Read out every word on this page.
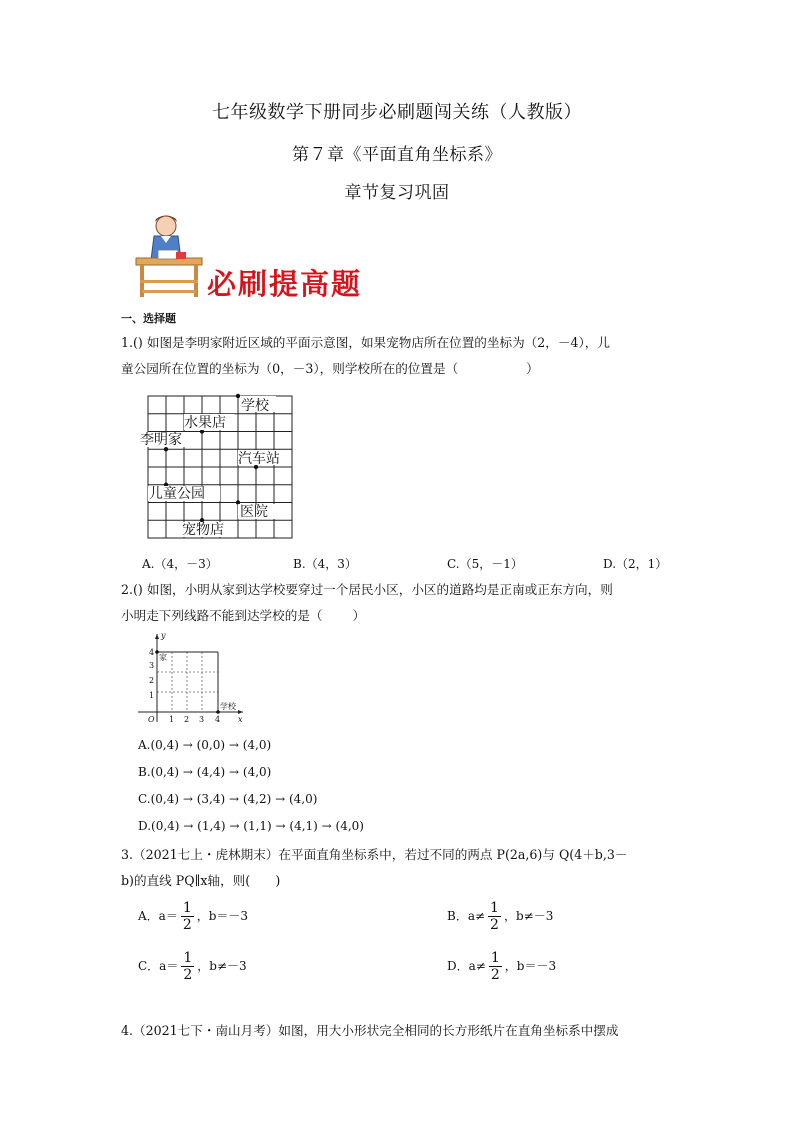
七年级数学下册同步必刷题闯关练（人教版）
第７章《平面直角坐标系》
章节复习巩固
必刷提高题
一、选择题
1.() 如图是李明家附近区域的平面示意图，如果宠物店所在位置的坐标为（2，－4），儿
童公园所在位置的坐标为（0，－3），则学校所在的位置是（	）
学校
水果店
李明家
汽车站
儿童公园
医院
宠物店
A.（4，－3）	B.（4，3）	C.（5，－1）	D.（2，1）
2.() 如图，小明从家到达学校要穿过一个居民小区，小区的道路均是正南或正东方向，则
小明走下列线路不能到达学校的是（ ）
y
x
O
家
学校
1 2 3 4
1
2
3
4
A.(0,4) → (0,0) → (4,0)
B.(0,4) → (4,4) → (4,0)
C.(0,4) → (3,4) → (4,2) → (4,0)
D.(0,4) → (1,4) → (1,1) → (4,1) → (4,0)
3.（2021七上・虎林期末）在平面直角坐标系中，若过不同的两点 P(2a,6)与 Q(4＋b,3－
b)的直线 PQ∥x轴，则(　　)
A．$a= \frac{1}{2}$ ，b＝－3	B．$a\ne \frac{1}{2}$ ，b≠－3
C．$a= \frac{1}{2}$ ，b≠－3	D．$a\ne \frac{1}{2}$ ，b＝－3
4.（2021七下・南山月考）如图，用大小形状完全相同的长方形纸片在直角坐标系中摆成
